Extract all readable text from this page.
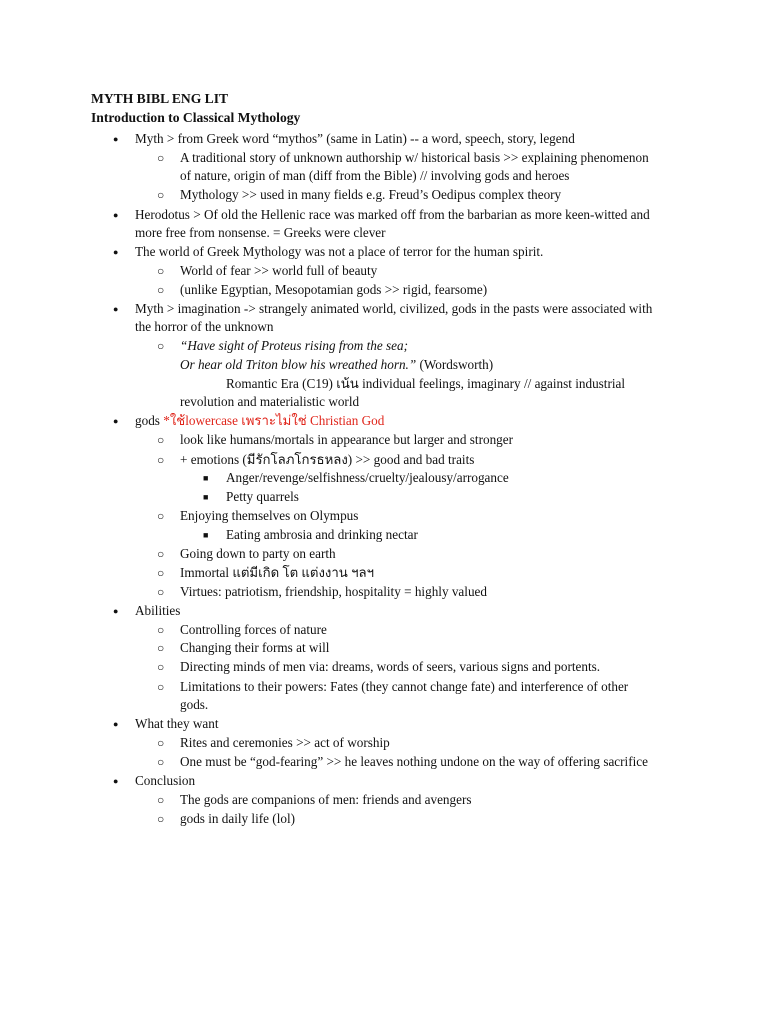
MYTH BIBL ENG LIT
Introduction to Classical Mythology
● Myth > from Greek word “mythos” (same in Latin) -- a word, speech, story, legend
○ A traditional story of unknown authorship w/ historical basis >> explaining phenomenon
of nature, origin of man (diff from the Bible) // involving gods and heroes
○ Mythology >> used in many fields e.g. Freud’s Oedipus complex theory
● Herodotus > Of old the Hellenic race was marked off from the barbarian as more keen-witted and
more free from nonsense. = Greeks were clever
● The world of Greek Mythology was not a place of terror for the human spirit.
○ World of fear >> world full of beauty
○ (unlike Egyptian, Mesopotamian gods >> rigid, fearsome)
● Myth > imagination -> strangely animated world, civilized, gods in the pasts were associated with
the horror of the unknown
○ “Have sight of Proteus rising from the sea;
Or hear old Triton blow his wreathed horn.” (Wordsworth)
Romantic Era (C19) เน้น individual feelings, imaginary // against industrial
revolution and materialistic world
● gods *ใช้lowercase เพราะไม่ใช่ Christian God
○ look like humans/mortals in appearance but larger and stronger
○ + emotions (มีรักโลภโกรธหลง) >> good and bad traits
■ Anger/revenge/selfishness/cruelty/jealousy/arrogance
■ Petty quarrels
○ Enjoying themselves on Olympus
■ Eating ambrosia and drinking nectar
○ Going down to party on earth
○ Immortal แต่มีเกิด โต แต่งงาน ฯลฯ
○ Virtues: patriotism, friendship, hospitality = highly valued
● Abilities
○ Controlling forces of nature
○ Changing their forms at will
○ Directing minds of men via: dreams, words of seers, various signs and portents.
○ Limitations to their powers: Fates (they cannot change fate) and interference of other
gods.
● What they want
○ Rites and ceremonies >> act of worship
○ One must be “god-fearing” >> he leaves nothing undone on the way of offering sacrifice
● Conclusion
○ The gods are companions of men: friends and avengers
○ gods in daily life (lol)
